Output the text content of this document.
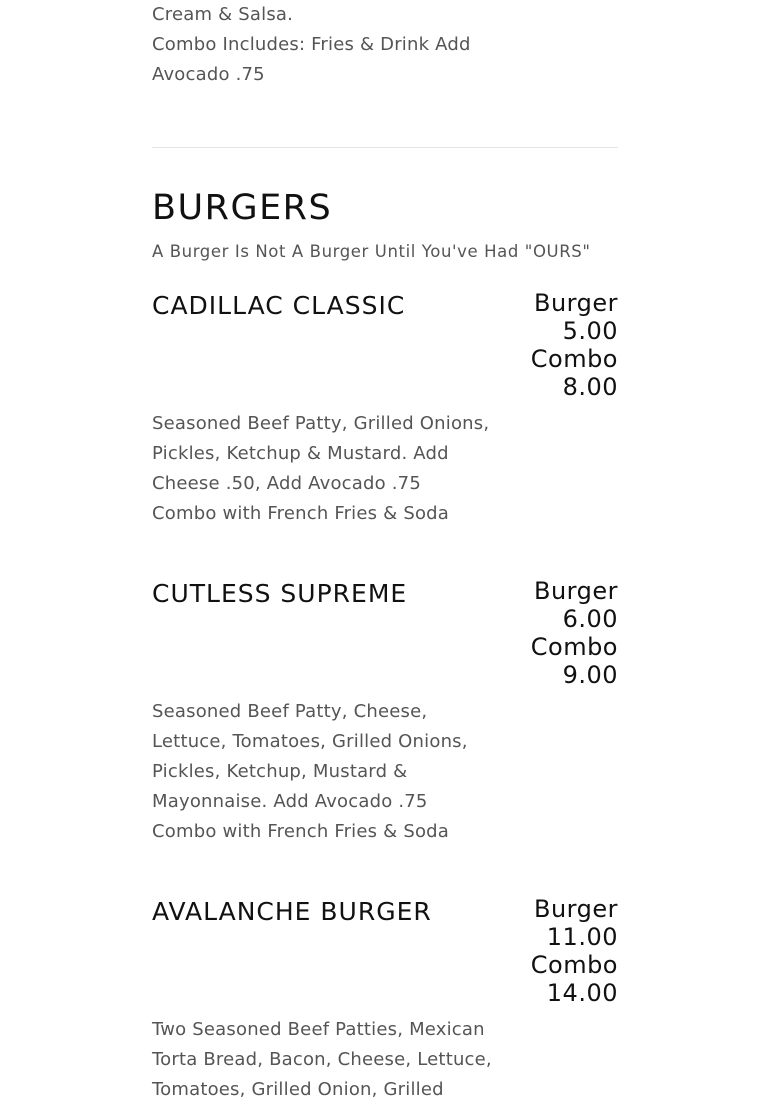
Cream & Salsa.
Combo Includes: Fries & Drink Add
Avocado .75
BURGERS
A Burger Is Not A Burger Until You've Had "OURS"
CADILLAC CLASSIC	Burger
5.00
Combo
8.00
Seasoned Beef Patty, Grilled Onions,
Pickles, Ketchup & Mustard. Add
Cheese .50, Add Avocado .75
Combo with French Fries & Soda
CUTLESS SUPREME	Burger
6.00
Combo
9.00
Seasoned Beef Patty, Cheese,
Lettuce, Tomatoes, Grilled Onions,
Pickles, Ketchup, Mustard &
Mayonnaise. Add Avocado .75
Combo with French Fries & Soda
AVALANCHE BURGER	Burger
11.00
Combo
14.00
Two Seasoned Beef Patties, Mexican
Torta Bread, Bacon, Cheese, Lettuce,
Tomatoes, Grilled Onion, Grilled
